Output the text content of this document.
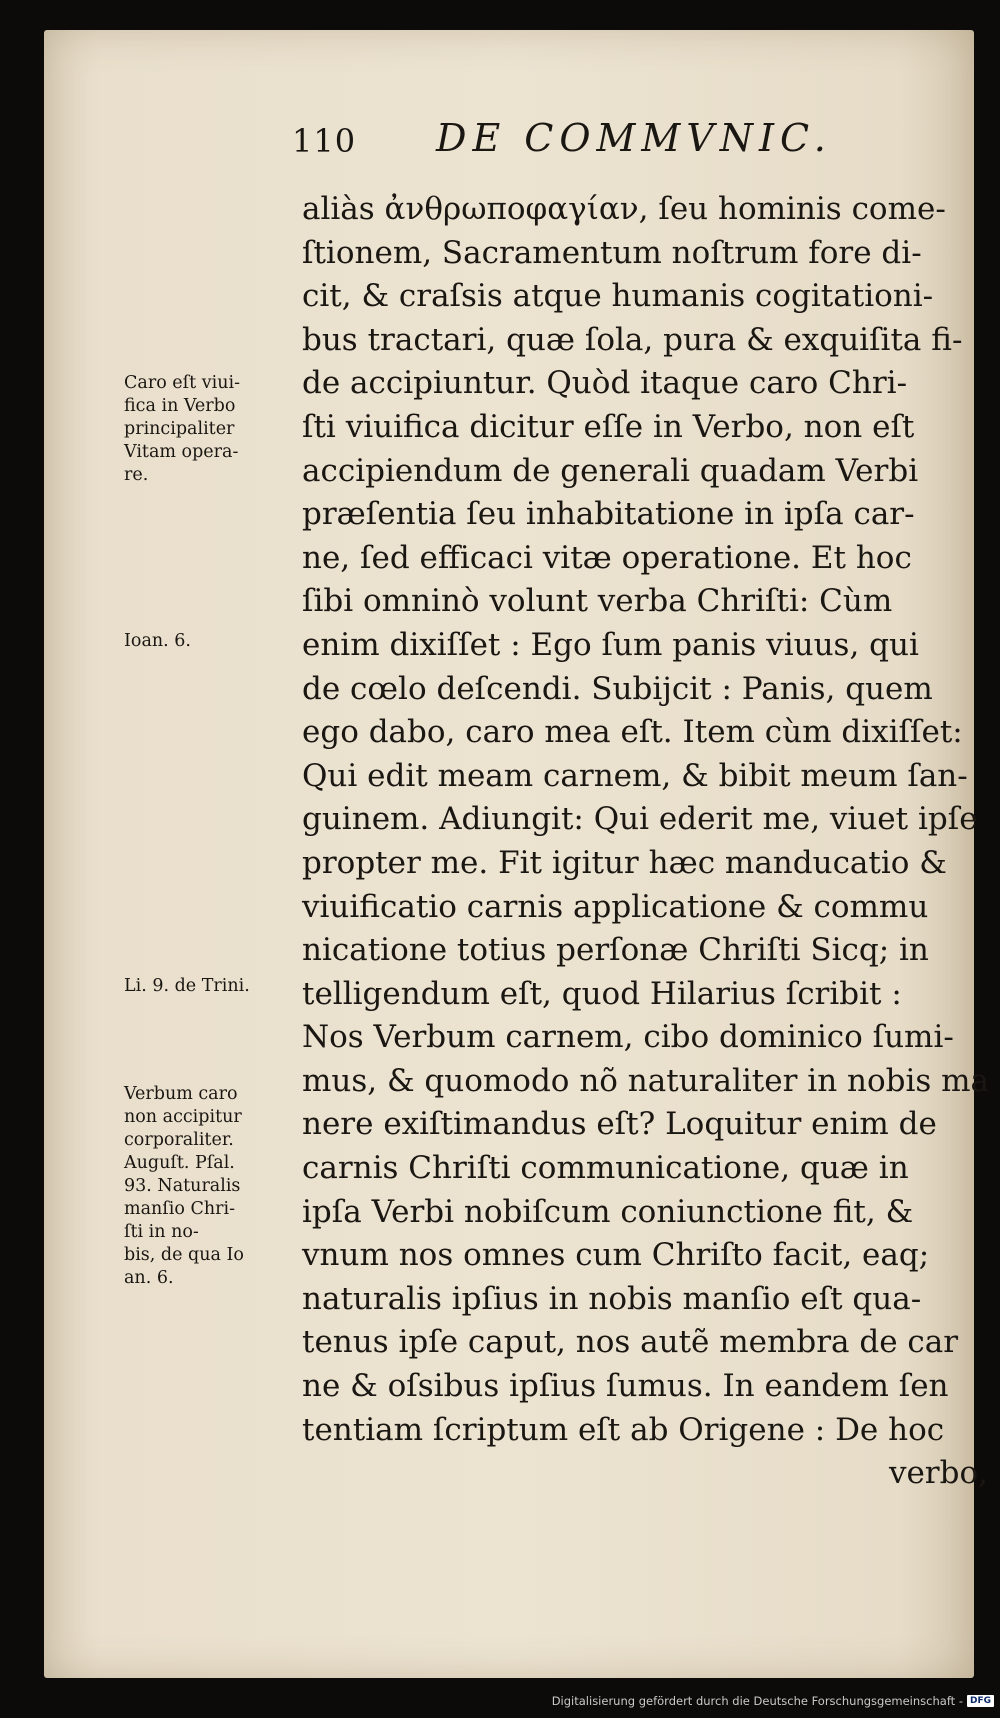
110 DE COMMVNIC.
aliàs ἀνθρωποφαγίαν, ſeu hominis come-
ſtionem, Sacramentum noſtrum fore di-
cit, & craſsis atque humanis cogitationi-
bus tractari, quæ ſola, pura & exquiſita fi-
de accipiuntur. Quòd itaque caro Chri-
ſti viuifica dicitur eſſe in Verbo, non eſt
accipiendum de generali quadam Verbi
præſentia ſeu inhabitatione in ipſa car-
ne, ſed efficaci vitæ operatione. Et hoc
ſibi omninò volunt verba Chriſti: Cùm
enim dixiſſet : Ego ſum panis viuus, qui
de cœlo deſcendi. Subijcit : Panis, quem
ego dabo, caro mea eſt. Item cùm dixiſſet:
Qui edit meam carnem, & bibit meum ſan-
guinem. Adiungit: Qui ederit me, viuet ipſe
propter me. Fit igitur hæc manducatio &
viuificatio carnis applicatione & commu
nicatione totius perſonæ Chriſti Sicq; in
telligendum eſt, quod Hilarius ſcribit :
Nos Verbum carnem, cibo dominico ſumi-
mus, & quomodo nõ naturaliter in nobis ma
nere exiſtimandus eſt? Loquitur enim de
carnis Chriſti communicatione, quæ in
ipſa Verbi nobiſcum coniunctione fit, &
vnum nos omnes cum Chriſto facit, eaq;
naturalis ipſius in nobis manſio eſt qua-
tenus ipſe caput, nos autẽ membra de car
ne & oſsibus ipſius ſumus. In eandem ſen
tentiam ſcriptum eſt ab Origene : De hoc
verbo,
Caro eſt viui-
fica in Verbo
principaliter
Vitam opera-
re.
Ioan. 6.
Li. 9. de Trini.
Verbum caro
non accipitur
corporaliter.
Auguſt. Pſal.
93. Naturalis
manſio Chri-
ſti in no-
bis, de qua Io
an. 6.
Digitalisierung gefördert durch die Deutsche Forschungsgemeinschaft - DFG
